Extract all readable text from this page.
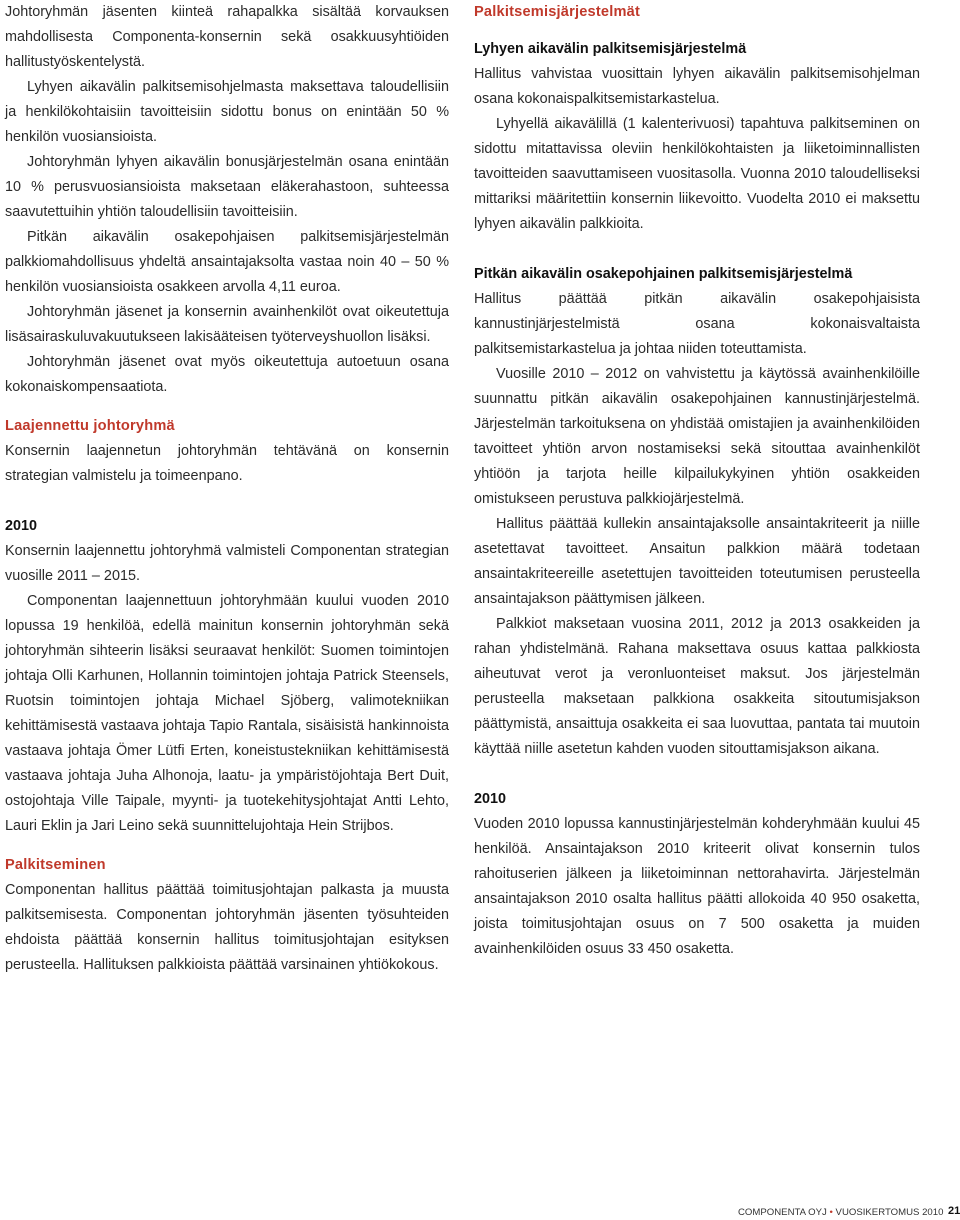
Johtoryhmän jäsenten kiinteä rahapalkka sisältää korvauksen mahdollisesta Componenta-konsernin sekä osakkuusyhtiöiden hallitustyöskentelystä.

Lyhyen aikavälin palkitsemisohjelmasta maksettava taloudellisiin ja henkilökohtaisiin tavoitteisiin sidottu bonus on enintään 50 % henkilön vuosiansioista.

Johtoryhmän lyhyen aikavälin bonusjärjestelmän osana enintään 10 % perusvuosiansioista maksetaan eläkerahastoon, suhteessa saavutettuihin yhtiön taloudellisiin tavoitteisiin.

Pitkän aikavälin osakepohjaisen palkitsemisjärjestelmän palkkiomahdollisuus yhdeltä ansaintajaksolta vastaa noin 40 – 50 % henkilön vuosiansioista osakkeen arvolla 4,11 euroa.

Johtoryhmän jäsenet ja konsernin avainhenkilöt ovat oikeutettuja lisäsairaskuluvakuutukseen lakisääteisen työterveyshuollon lisäksi.

Johtoryhmän jäsenet ovat myös oikeutettuja autoetuun osana kokonaiskompensaatiota.

Laajennettu johtoryhmä

Konsernin laajennetun johtoryhmän tehtävänä on konsernin strategian valmistelu ja toimeenpano.

2010

Konsernin laajennettu johtoryhmä valmisteli Componentan strategian vuosille 2011 – 2015.

Componentan laajennettuun johtoryhmään kuului vuoden 2010 lopussa 19 henkilöä, edellä mainitun konsernin johtoryhmän sekä johtoryhmän sihteerin lisäksi seuraavat henkilöt: Suomen toimintojen johtaja Olli Karhunen, Hollannin toimintojen johtaja Patrick Steensels, Ruotsin toimintojen johtaja Michael Sjöberg, valimotekniikan kehittämisestä vastaava johtaja Tapio Rantala, sisäisistä hankinnoista vastaava johtaja Ömer Lütfi Erten, koneistustekniikan kehittämisestä vastaava johtaja Juha Alhonoja, laatu- ja ympäristöjohtaja Bert Duit, ostojohtaja Ville Taipale, myynti- ja tuotekehitysjohtajat Antti Lehto, Lauri Eklin ja Jari Leino sekä suunnittelujohtaja Hein Strijbos.

Palkitseminen

Componentan hallitus päättää toimitusjohtajan palkasta ja muusta palkitsemisesta. Componentan johtoryhmän jäsenten työsuhteiden ehdoista päättää konsernin hallitus toimitusjohtajan esityksen perusteella. Hallituksen palkkioista päättää varsinainen yhtiökokous.

Palkitsemisjärjestelmät
Lyhyen aikavälin palkitsemisjärjestelmä

Hallitus vahvistaa vuosittain lyhyen aikavälin palkitsemisohjelman osana kokonaispalkitsemistarkastelua.

Lyhyellä aikavälillä (1 kalenterivuosi) tapahtuva palkitseminen on sidottu mitattavissa oleviin henkilökohtaisten ja liiketoiminnallisten tavoitteiden saavuttamiseen vuositasolla. Vuonna 2010 taloudelliseksi mittariksi määritettiin konsernin liikevoitto. Vuodelta 2010 ei maksettu lyhyen aikavälin palkkioita.

Pitkän aikavälin osakepohjainen palkitsemisjärjestelmä

Hallitus päättää pitkän aikavälin osakepohjaisista kannustinjärjestelmistä osana kokonaisvaltaista palkitsemistarkastelua ja johtaa niiden toteuttamista.

Vuosille 2010 – 2012 on vahvistettu ja käytössä avainhenkilöille suunnattu pitkän aikavälin osakepohjainen kannustinjärjestelmä. Järjestelmän tarkoituksena on yhdistää omistajien ja avainhenkilöiden tavoitteet yhtiön arvon nostamiseksi sekä sitouttaa avainhenkilöt yhtiöön ja tarjota heille kilpailukykyinen yhtiön osakkeiden omistukseen perustuva palkkiojärjestelmä.

Hallitus päättää kullekin ansaintajaksolle ansaintakriteerit ja niille asetettavat tavoitteet. Ansaitun palkkion määrä todetaan ansaintakriteereille asetettujen tavoitteiden toteutumisen perusteella ansaintajakson päättymisen jälkeen.

Palkkiot maksetaan vuosina 2011, 2012 ja 2013 osakkeiden ja rahan yhdistelmänä. Rahana maksettava osuus kattaa palkkiosta aiheutuvat verot ja veronluonteiset maksut. Jos järjestelmän perusteella maksetaan palkkiona osakkeita sitoutumisjakson päättymistä, ansaittuja osakkeita ei saa luovuttaa, pantata tai muutoin käyttää niille asetetun kahden vuoden sitouttamisjakson aikana.

2010

Vuoden 2010 lopussa kannustinjärjestelmän kohderyhmään kuului 45 henkilöä. Ansaintajakson 2010 kriteerit olivat konsernin tulos rahoituserien jälkeen ja liiketoiminnan nettorahavirta. Järjestelmän ansaintajakson 2010 osalta hallitus päätti allokoida 40 950 osaketta, joista toimitusjohtajan osuus on 7 500 osaketta ja muiden avainhenkilöiden osuus 33 450 osaketta.

COMPONENTA OYJ • VUOSIKERTOMUS 2010 21
